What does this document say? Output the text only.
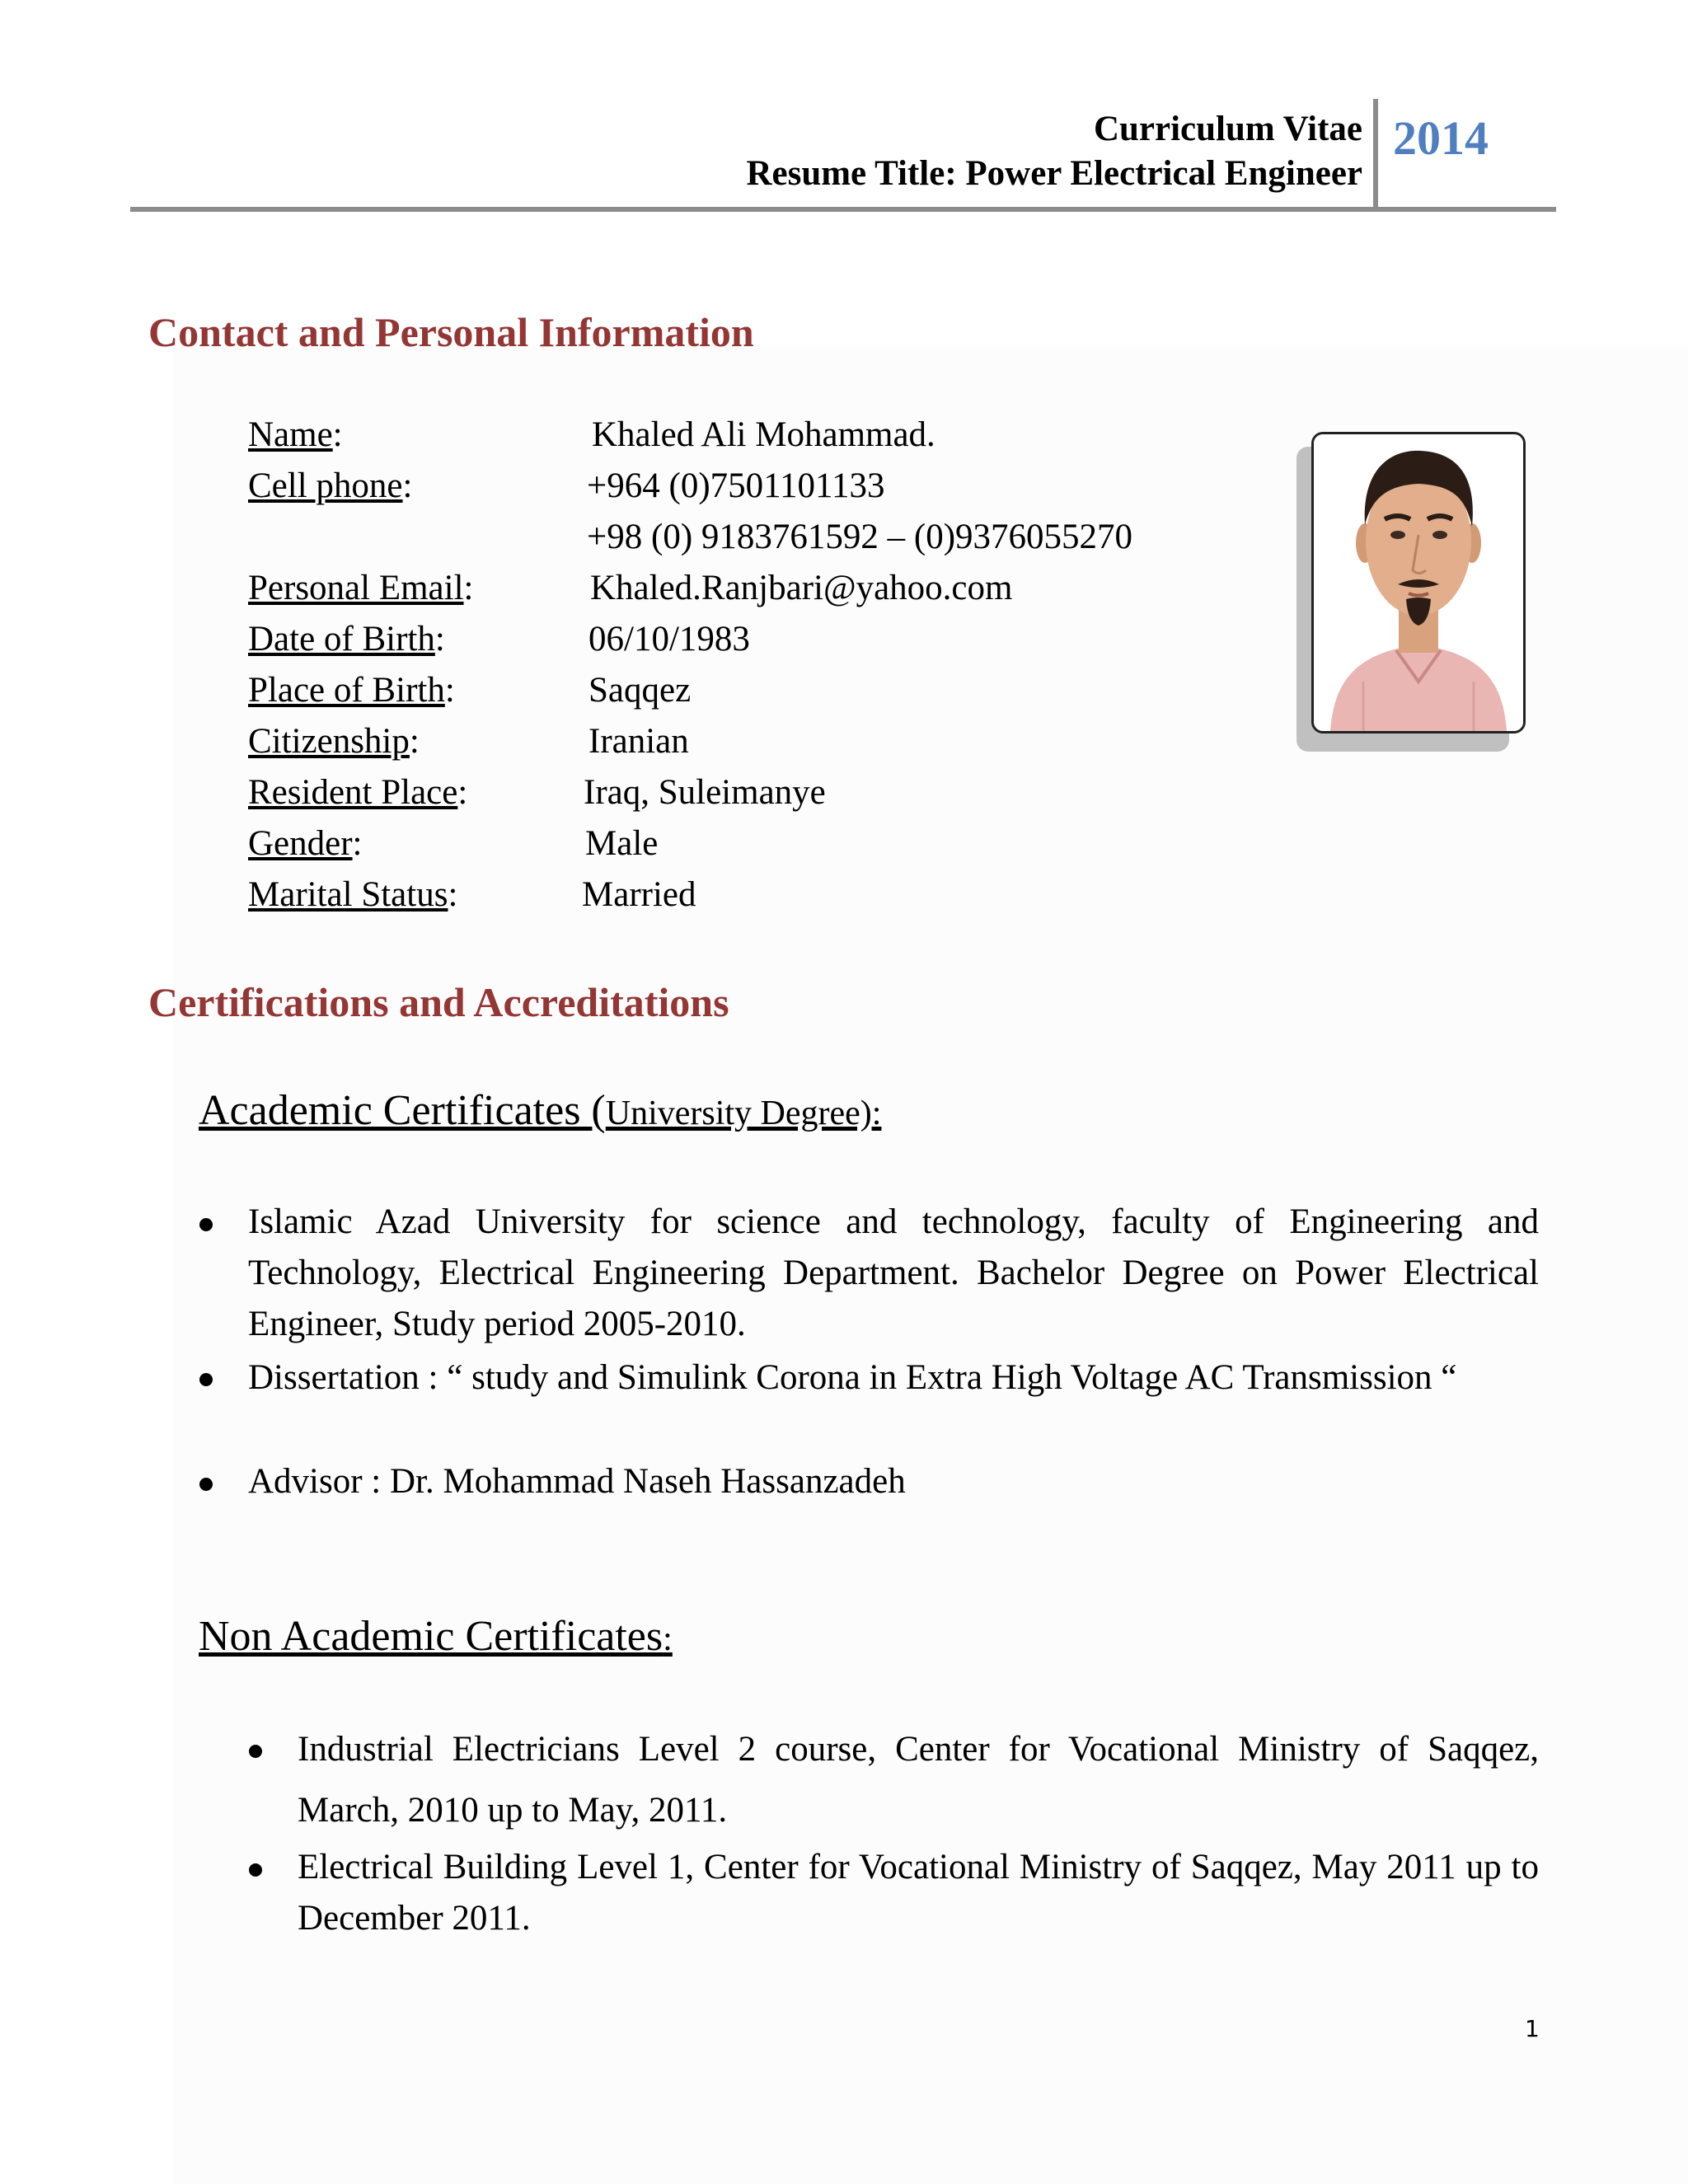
Curriculum Vitae
Resume Title: Power Electrical Engineer
2014
Contact and Personal Information
Name:	Khaled Ali Mohammad.
Cell phone:	+964 (0)7501101133
+98 (0) 9183761592 – (0)9376055270
Personal Email:	Khaled.Ranjbari@yahoo.com
Date of Birth:	06/10/1983
Place of Birth:	Saqqez
Citizenship:	Iranian
Resident Place:	Iraq, Suleimanye
Gender:	Male
Marital Status:	Married
Certifications and Accreditations
Academic Certificates (University Degree):
Islamic Azad University for science and technology, faculty of Engineering and Technology, Electrical Engineering Department. Bachelor Degree on Power Electrical Engineer, Study period 2005-2010.
Dissertation : “ study and Simulink Corona in Extra High Voltage AC Transmission “
Advisor : Dr. Mohammad Naseh Hassanzadeh
Non Academic Certificates:
Industrial Electricians Level 2 course, Center for Vocational Ministry of Saqqez, March, 2010 up to May, 2011.
Electrical Building Level 1, Center for Vocational Ministry of Saqqez, May 2011 up to December 2011.
1
